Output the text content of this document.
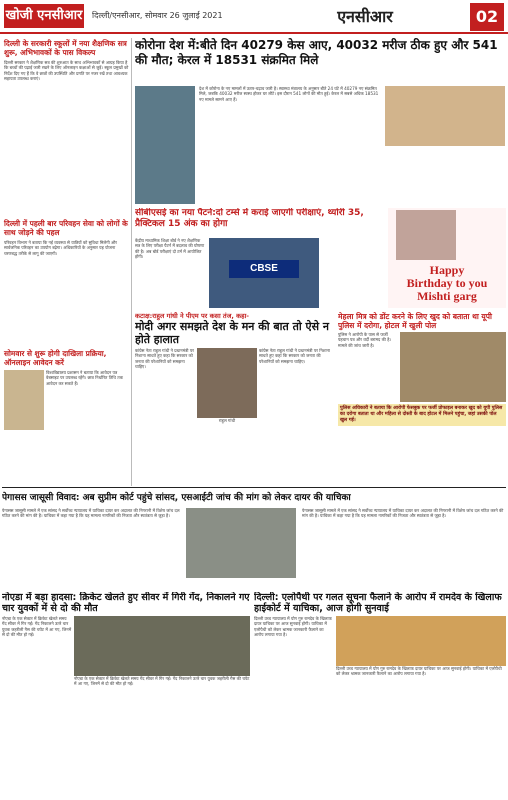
खोजी एनसीआर दिल्ली/एनसीआर, सोमवार 26 जुलाई 2021	एनसीआर	02
दिल्ली के सरकारी स्कूलों में नया शैक्षणिक सत्र शुरू, अभिभावकों के पास विकल्प
दिल्ली सरकार ने शैक्षणिक सत्र की शुरुआत के साथ अभिभावकों से आग्रह किया है कि बच्चों की पढ़ाई जारी रखने के लिए ऑनलाइन कक्षाओं से जुड़ें। स्कूल प्रमुखों को निर्देश दिए गए हैं कि वे छात्रों की उपस्थिति और प्रगति पर नजर रखें तथा आवश्यक सहायता उपलब्ध कराएं।
दिल्ली में पहली बार परिवहन सेवा को लोगों के साथ जोड़ने की पहल
परिवहन विभाग ने बताया कि नई व्यवस्था से यात्रियों को सुविधा मिलेगी और सार्वजनिक परिवहन का उपयोग बढ़ेगा। अधिकारियों के अनुसार यह योजना चरणबद्ध तरीके से लागू की जाएगी।
सोमवार से शुरू होगी दाखिला प्रक्रिया, ऑनलाइन आवेदन करें
विश्वविद्यालय प्रशासन ने बताया कि आवेदन पत्र वेबसाइट पर उपलब्ध रहेंगे। छात्र निर्धारित तिथि तक आवेदन कर सकते हैं।
कोरोना देश में:बीते दिन 40279 केस आए, 40032 मरीज ठीक हुए और 541 की मौत; केरल में 18531 संक्रमित मिले
देश में कोरोना के नए मामलों में उतार-चढ़ाव जारी है। स्वास्थ्य मंत्रालय के अनुसार बीते 24 घंटे में 40279 नए संक्रमित मिले, जबकि 40032 मरीज स्वस्थ होकर घर लौटे। इस दौरान 541 लोगों की मौत हुई। केरल में सबसे अधिक 18531 नए मामले सामने आए हैं।
सीबीएसई का नया पैटर्न:दो टर्म्स में कराई जाएगी परीक्षाएं, थ्योरी 35, प्रैक्टिकल 15 अंक का होगा
केंद्रीय माध्यमिक शिक्षा बोर्ड ने नए शैक्षणिक सत्र के लिए परीक्षा पैटर्न में बदलाव की घोषणा की है। अब बोर्ड परीक्षाएं दो टर्म में आयोजित होंगी।
CBSE	Happy
Birthday to you
Mishti garg
कटाक्ष:राहुल गांधी ने पीएम पर कसा तंज, कहा-
मोदी अगर समझते देश के मन की बात तो ऐसे न होते हालात
कांग्रेस नेता राहुल गांधी ने प्रधानमंत्री पर निशाना साधते हुए कहा कि सरकार को जनता की परेशानियों को समझना चाहिए।
राहुल गांधी
कांग्रेस नेता राहुल गांधी ने प्रधानमंत्री पर निशाना साधते हुए कहा कि सरकार को जनता की परेशानियों को समझना चाहिए।
मेहला मित्र को डोंट करने के लिए खुद को बताता था यूपी पुलिस में दरोगा, होटल में खुली पोल
पुलिस ने आरोपी के पास से फर्जी पहचान पत्र और वर्दी बरामद की है। मामले की जांच जारी है।
पुलिस अधिकारी ने बताया कि आरोपी फेसबुक पर फर्जी प्रोफाइल बनाकर खुद को यूपी पुलिस का दरोगा बताता था और महिला से दोस्ती के बाद होटल में मिलने पहुंचा, जहां उसकी पोल खुल गई।
पेगासस जासूसी विवाद: अब सुप्रीम कोर्ट पहुंचे सांसद, एसआईटी जांच की मांग को लेकर दायर की याचिका
पेगासस जासूसी मामले में एक सांसद ने सर्वोच्च न्यायालय में याचिका दायर कर अदालत की निगरानी में विशेष जांच दल गठित करने की मांग की है। याचिका में कहा गया है कि यह मामला नागरिकों की निजता और स्वतंत्रता से जुड़ा है।
पेगासस जासूसी मामले में एक सांसद ने सर्वोच्च न्यायालय में याचिका दायर कर अदालत की निगरानी में विशेष जांच दल गठित करने की मांग की है। याचिका में कहा गया है कि यह मामला नागरिकों की निजता और स्वतंत्रता से जुड़ा है।
नोएडा में बड़ा हादसा: क्रिकेट खेलते हुए सीवर में गिरी गेंद, निकालने गए चार युवकों में से दो की मौत
नोएडा के एक सेक्टर में क्रिकेट खेलते समय गेंद सीवर में गिर गई। गेंद निकालने उतरे चार युवक जहरीली गैस की चपेट में आ गए, जिनमें से दो की मौत हो गई।
नोएडा के एक सेक्टर में क्रिकेट खेलते समय गेंद सीवर में गिर गई। गेंद निकालने उतरे चार युवक जहरीली गैस की चपेट में आ गए, जिनमें से दो की मौत हो गई।
दिल्ली: एलोपैथी पर गलत सूचना फैलाने के आरोप में रामदेव के खिलाफ हाईकोर्ट में याचिका, आज होगी सुनवाई
दिल्ली उच्च न्यायालय में योग गुरु रामदेव के खिलाफ दायर याचिका पर आज सुनवाई होगी। याचिका में एलोपैथी को लेकर भ्रामक जानकारी फैलाने का आरोप लगाया गया है।
दिल्ली उच्च न्यायालय में योग गुरु रामदेव के खिलाफ दायर याचिका पर आज सुनवाई होगी। याचिका में एलोपैथी को लेकर भ्रामक जानकारी फैलाने का आरोप लगाया गया है।
